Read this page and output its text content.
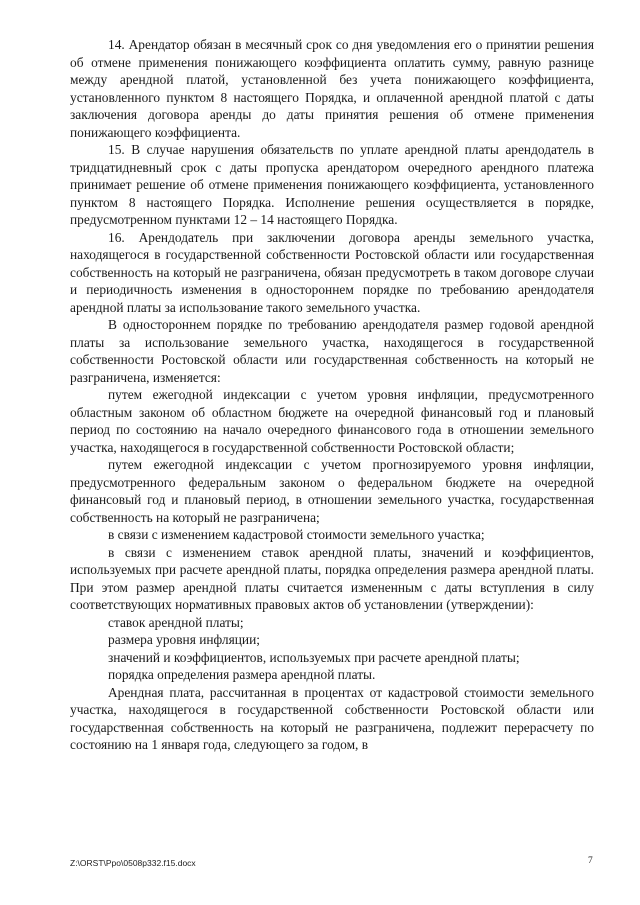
14. Арендатор обязан в месячный срок со дня уведомления его о принятии решения об отмене применения понижающего коэффициента оплатить сумму, равную разнице между арендной платой, установленной без учета понижающего коэффициента, установленного пунктом 8 настоящего Порядка, и оплаченной арендной платой с даты заключения договора аренды до даты принятия решения об отмене применения понижающего коэффициента.

15. В случае нарушения обязательств по уплате арендной платы арендодатель в тридцатидневный срок с даты пропуска арендатором очередного арендного платежа принимает решение об отмене применения понижающего коэффициента, установленного пунктом 8 настоящего Порядка. Исполнение решения осуществляется в порядке, предусмотренном пунктами 12 – 14 настоящего Порядка.

16. Арендодатель при заключении договора аренды земельного участка, находящегося в государственной собственности Ростовской области или государственная собственность на который не разграничена, обязан предусмотреть в таком договоре случаи и периодичность изменения в одностороннем порядке по требованию арендодателя арендной платы за использование такого земельного участка.

В одностороннем порядке по требованию арендодателя размер годовой арендной платы за использование земельного участка, находящегося в государственной собственности Ростовской области или государственная собственность на который не разграничена, изменяется:

путем ежегодной индексации с учетом уровня инфляции, предусмотренного областным законом об областном бюджете на очередной финансовый год и плановый период по состоянию на начало очередного финансового года в отношении земельного участка, находящегося в государственной собственности Ростовской области;

путем ежегодной индексации с учетом прогнозируемого уровня инфляции, предусмотренного федеральным законом о федеральном бюджете на очередной финансовый год и плановый период, в отношении земельного участка, государственная собственность на который не разграничена;

в связи с изменением кадастровой стоимости земельного участка;

в связи с изменением ставок арендной платы, значений и коэффициентов, используемых при расчете арендной платы, порядка определения размера арендной платы. При этом размер арендной платы считается измененным с даты вступления в силу соответствующих нормативных правовых актов об установлении (утверждении):

ставок арендной платы;

размера уровня инфляции;

значений и коэффициентов, используемых при расчете арендной платы;

порядка определения размера арендной платы.

Арендная плата, рассчитанная в процентах от кадастровой стоимости земельного участка, находящегося в государственной собственности Ростовской области или государственная собственность на который не разграничена, подлежит перерасчету по состоянию на 1 января года, следующего за годом, в

Z:\ORST\Ppo\0508p332.f15.docx	7
